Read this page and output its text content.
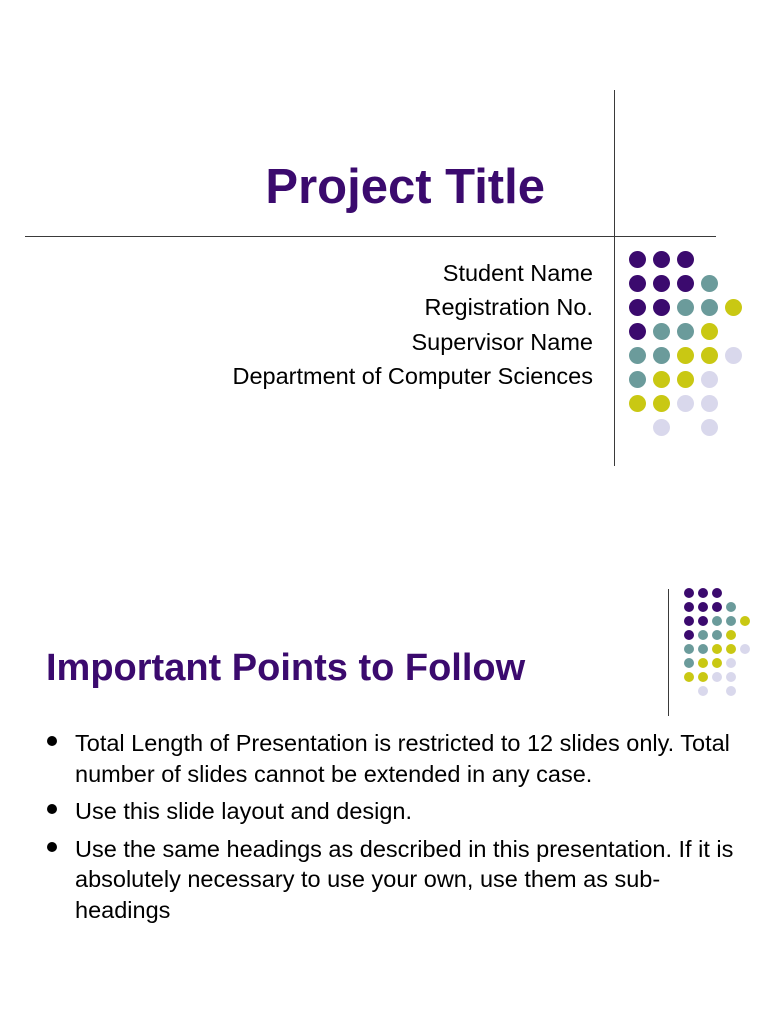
Project Title
Student Name
Registration No.
Supervisor Name
Department of Computer Sciences
Important Points to Follow
Total Length of Presentation is restricted to 12 slides only. Total number of slides cannot be extended in any case.
Use this slide layout and design.
Use the same headings as described in this presentation. If it is absolutely necessary to use your own, use them as sub-headings
